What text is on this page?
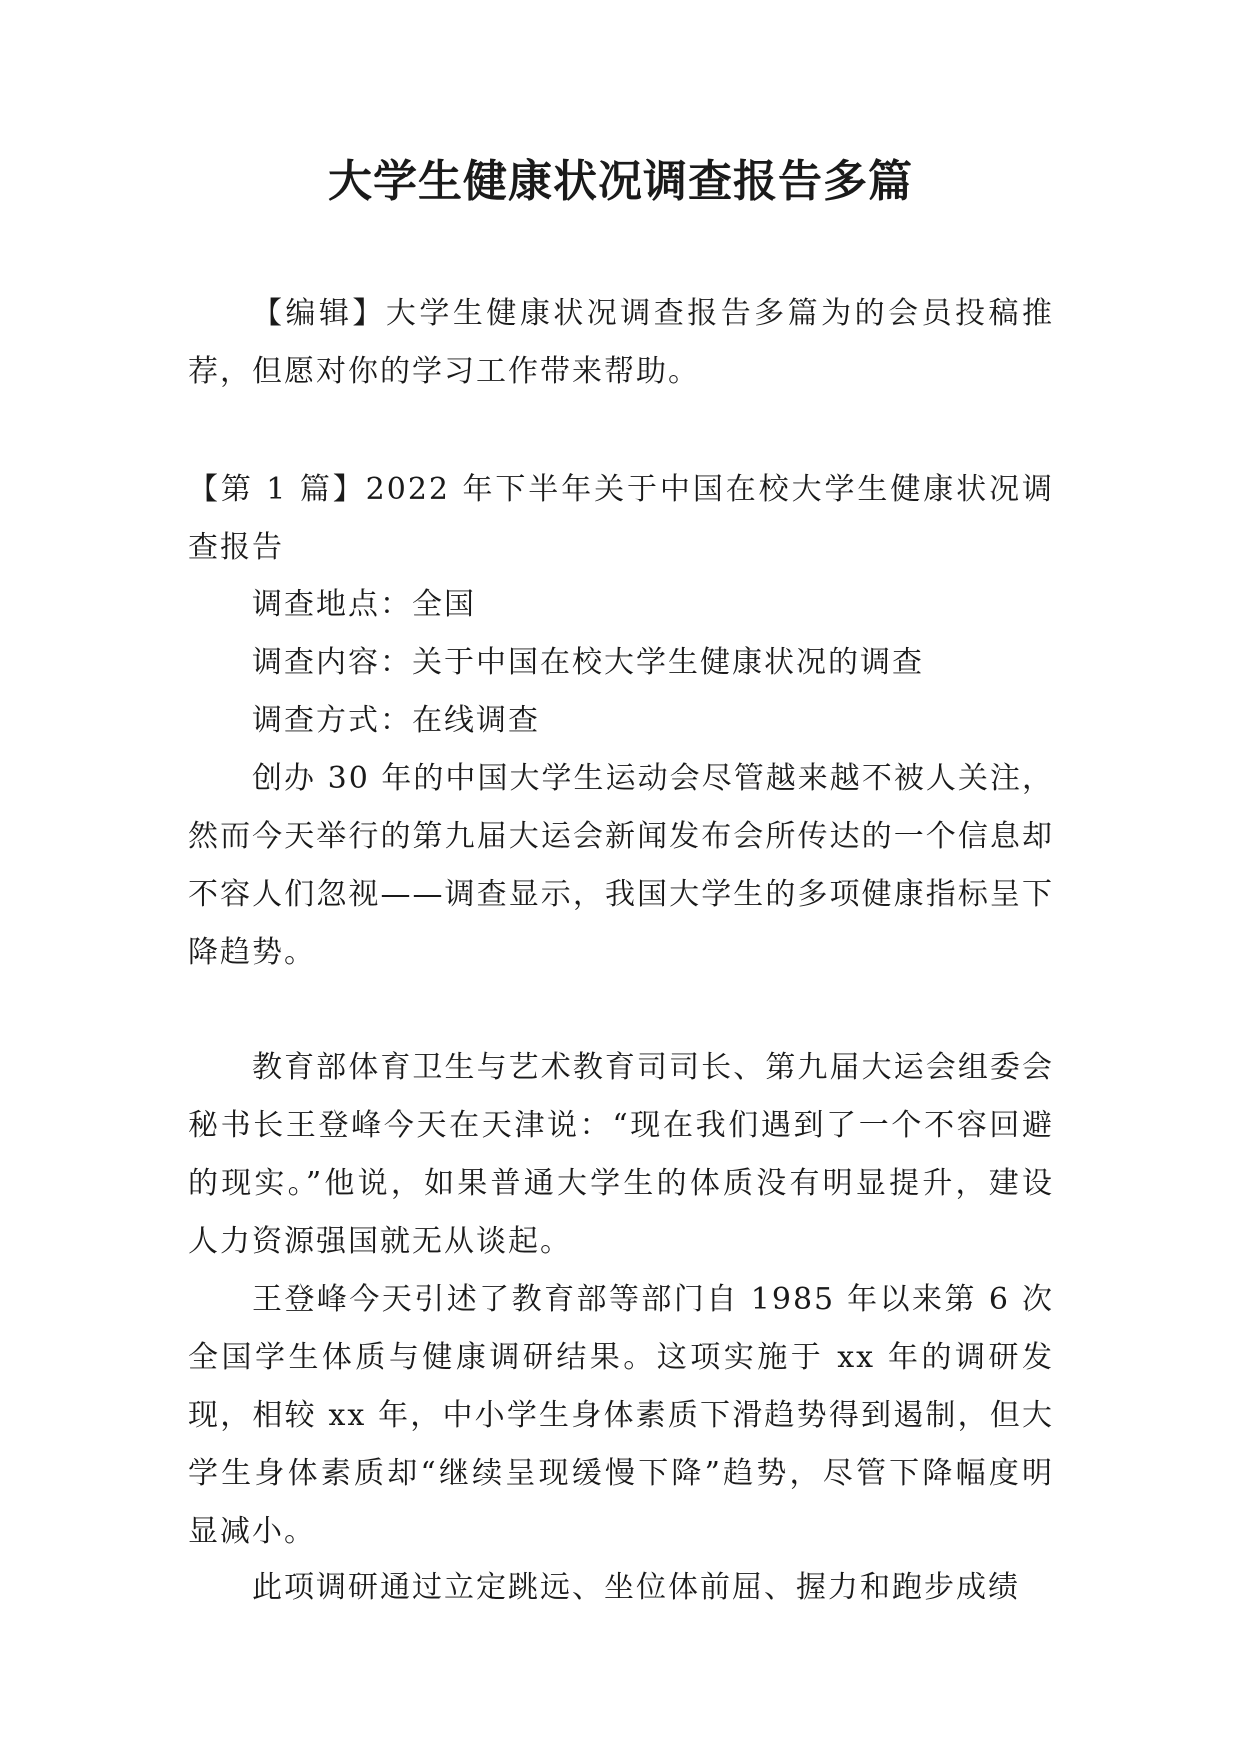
大学生健康状况调查报告多篇

【编辑】大学生健康状况调查报告多篇为的会员投稿推荐，但愿对你的学习工作带来帮助。

【第 1 篇】2022 年下半年关于中国在校大学生健康状况调查报告

调查地点：全国

调查内容：关于中国在校大学生健康状况的调查

调查方式：在线调查

创办 30 年的中国大学生运动会尽管越来越不被人关注，然而今天举行的第九届大运会新闻发布会所传达的一个信息却不容人们忽视——调查显示，我国大学生的多项健康指标呈下降趋势。

教育部体育卫生与艺术教育司司长、第九届大运会组委会秘书长王登峰今天在天津说：“现在我们遇到了一个不容回避的现实。”他说，如果普通大学生的体质没有明显提升，建设人力资源强国就无从谈起。

王登峰今天引述了教育部等部门自 1985 年以来第 6 次全国学生体质与健康调研结果。这项实施于 xx 年的调研发现，相较 xx 年，中小学生身体素质下滑趋势得到遏制，但大学生身体素质却“继续呈现缓慢下降”趋势，尽管下降幅度明显减小。

此项调研通过立定跳远、坐位体前屈、握力和跑步成绩
